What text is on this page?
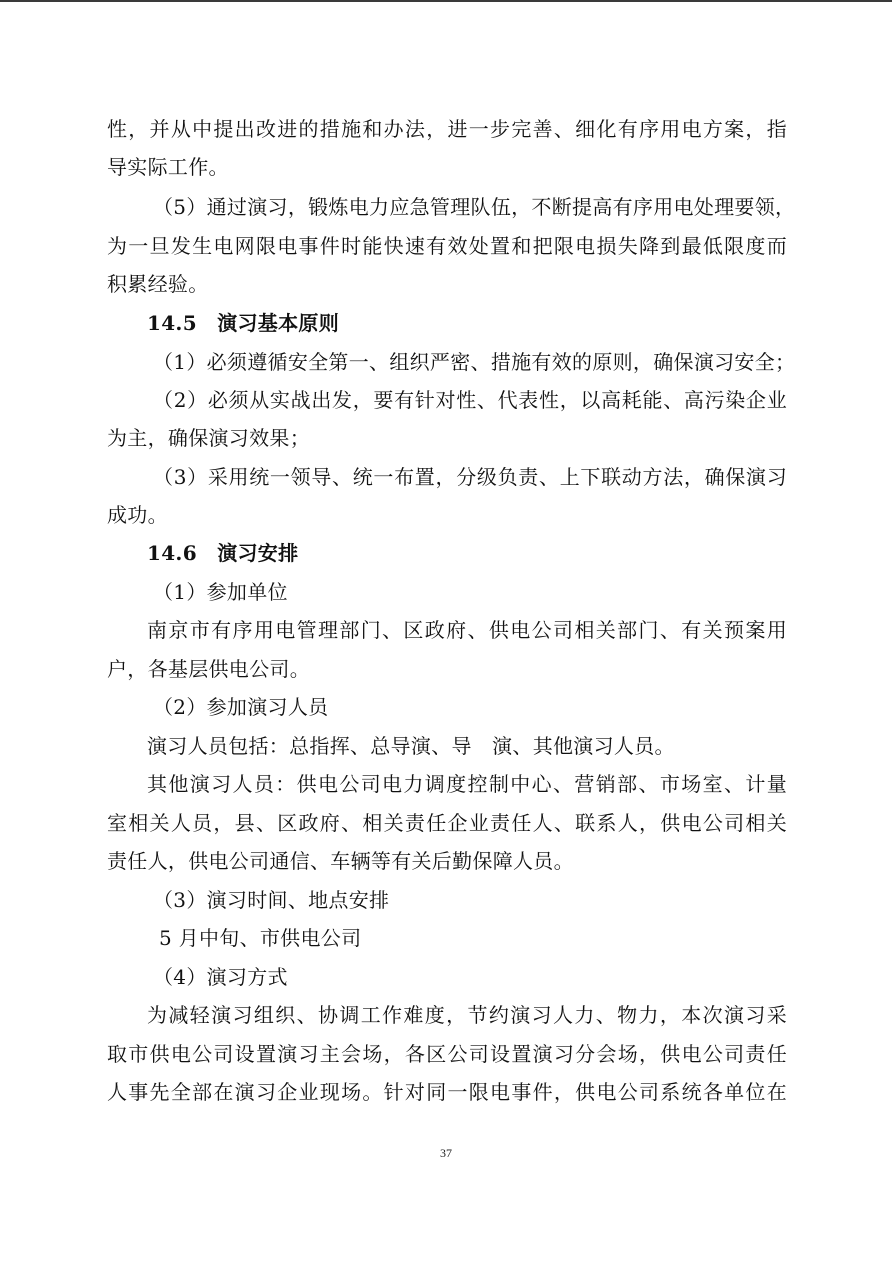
性，并从中提出改进的措施和办法，进一步完善、细化有序用电方案，指
导实际工作。
（5）通过演习，锻炼电力应急管理队伍，不断提高有序用电处理要领，
为一旦发生电网限电事件时能快速有效处置和把限电损失降到最低限度而
积累经验。
14.5　演习基本原则
（1）必须遵循安全第一、组织严密、措施有效的原则，确保演习安全；
（2）必须从实战出发，要有针对性、代表性，以高耗能、高污染企业
为主，确保演习效果；
（3）采用统一领导、统一布置，分级负责、上下联动方法，确保演习
成功。
14.6　演习安排
（1）参加单位
南京市有序用电管理部门、区政府、供电公司相关部门、有关预案用
户，各基层供电公司。
（2）参加演习人员
演习人员包括：总指挥、总导演、导　演、其他演习人员。
其他演习人员：供电公司电力调度控制中心、营销部、市场室、计量
室相关人员，县、区政府、相关责任企业责任人、联系人，供电公司相关
责任人，供电公司通信、车辆等有关后勤保障人员。
（3）演习时间、地点安排
5 月中旬、市供电公司
（4）演习方式
为减轻演习组织、协调工作难度，节约演习人力、物力，本次演习采
取市供电公司设置演习主会场，各区公司设置演习分会场，供电公司责任
人事先全部在演习企业现场。针对同一限电事件，供电公司系统各单位在
37
